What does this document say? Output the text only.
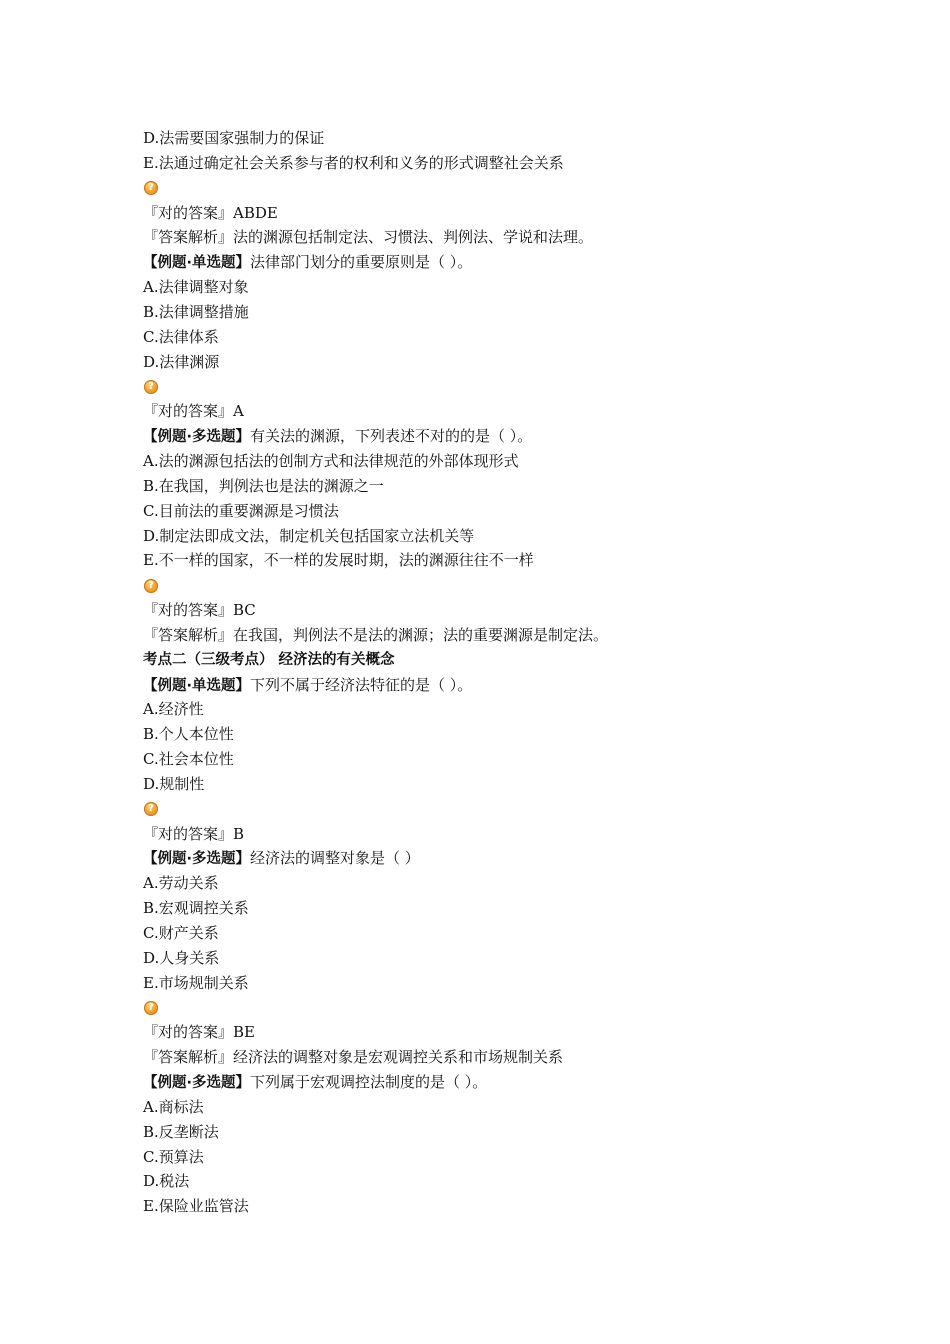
D.法需要国家强制力的保证
E.法通过确定社会关系参与者的权利和义务的形式调整社会关系
?
『对的答案』ABDE
『答案解析』法的渊源包括制定法、习惯法、判例法、学说和法理。
【例题·单选题】法律部门划分的重要原则是（ ）。
A.法律调整对象
B.法律调整措施
C.法律体系
D.法律渊源
?
『对的答案』A
【例题·多选题】有关法的渊源，下列表述不对的的是（ ）。
A.法的渊源包括法的创制方式和法律规范的外部体现形式
B.在我国，判例法也是法的渊源之一
C.目前法的重要渊源是习惯法
D.制定法即成文法，制定机关包括国家立法机关等
E.不一样的国家，不一样的发展时期，法的渊源往往不一样
?
『对的答案』BC
『答案解析』在我国，判例法不是法的渊源；法的重要渊源是制定法。
考点二（三级考点） 经济法的有关概念
【例题·单选题】下列不属于经济法特征的是（ ）。
A.经济性
B.个人本位性
C.社会本位性
D.规制性
?
『对的答案』B
【例题·多选题】经济法的调整对象是（ ）
A.劳动关系
B.宏观调控关系
C.财产关系
D.人身关系
E.市场规制关系
?
『对的答案』BE
『答案解析』经济法的调整对象是宏观调控关系和市场规制关系
【例题·多选题】下列属于宏观调控法制度的是（ ）。
A.商标法
B.反垄断法
C.预算法
D.税法
E.保险业监管法
